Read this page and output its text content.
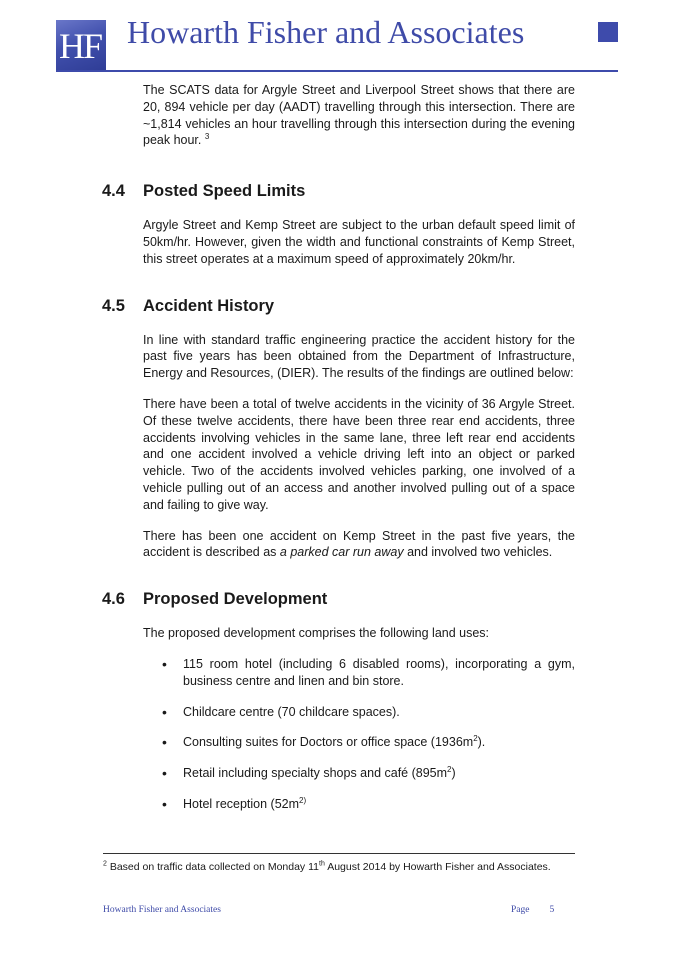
HF Howarth Fisher and Associates

The SCATS data for Argyle Street and Liverpool Street shows that there are 20, 894 vehicle per day (AADT) travelling through this intersection. There are ~1,814 vehicles an hour travelling through this intersection during the evening peak hour. $^3$

4.4 Posted Speed Limits

Argyle Street and Kemp Street are subject to the urban default speed limit of 50km/hr. However, given the width and functional constraints of Kemp Street, this street operates at a maximum speed of approximately 20km/hr.

4.5 Accident History

In line with standard traffic engineering practice the accident history for the past five years has been obtained from the Department of Infrastructure, Energy and Resources, (DIER). The results of the findings are outlined below:

There have been a total of twelve accidents in the vicinity of 36 Argyle Street. Of these twelve accidents, there have been three rear end accidents, three accidents involving vehicles in the same lane, three left rear end accidents and one accident involved a vehicle driving left into an object or parked vehicle. Two of the accidents involved vehicles parking, one involved of a vehicle pulling out of an access and another involved pulling out of a space and failing to give way.

There has been one accident on Kemp Street in the past five years, the accident is described as a parked car run away and involved two vehicles.

4.6 Proposed Development

The proposed development comprises the following land uses:

• 115 room hotel (including 6 disabled rooms), incorporating a gym, business centre and linen and bin store.
• Childcare centre (70 childcare spaces).
• Consulting suites for Doctors or office space $(1936m^2)$.
• Retail including specialty shops and café $(895m^2)$
• Hotel reception ($52m^{2)}$
$^2$ Based on traffic data collected on Monday 11th August 2014 by Howarth Fisher and Associates.
Howarth Fisher and Associates	Page 5
